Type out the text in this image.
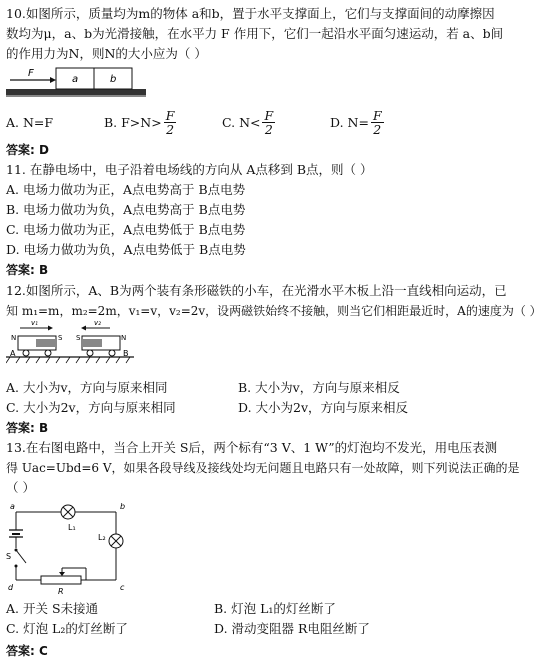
10.如图所示，质量均为m的物体 a和b，置于水平支撑面上，它们与支撑面间的动摩擦因
数均为μ，a、b为光滑接触，在水平力 F 作用下，它们一起沿水平面匀速运动，若 a、b间
的作用力为N，则N的大小应为（ ）
F
a	b
A. N=F	B. $F>N> \frac{F}{2}$	C. $N< \frac{F}{2}$	D. $N= \frac{F}{2}$
答案: D
11. 在静电场中，电子沿着电场线的方向从 A点移到 B点，则（ ）
A. 电场力做功为正，A点电势高于 B点电势
B. 电场力做功为负，A点电势高于 B点电势
C. 电场力做功为正，A点电势低于 B点电势
D. 电场力做功为负，A点电势低于 B点电势
答案: B
12.如图所示，A、B为两个装有条形磁铁的小车，在光滑水平木板上沿一直线相向运动，已
知 m₁=m，m₂=2m，v₁=v，v₂=2v，设两磁铁始终不接触，则当它们相距最近时，A的速度为（ ）
v₁	v₂
N	S
A
S	N
B
A. 大小为v，方向与原来相同	B. 大小为v，方向与原来相反
C. 大小为2v，方向与原来相同	D. 大小为2v，方向与原来相反
答案: B
13.在右图电路中，当合上开关 S后，两个标有“3 V、1 W”的灯泡均不发光，用电压表测
得 Uac=Ubd=6 V，如果各段导线及接线处均无问题且电路只有一处故障，则下列说法正确的是
（ ）
L₁
L₂
S
R
a	b
c
d
A. 开关 S未接通	B. 灯泡 L₁的灯丝断了
C. 灯泡 L₂的灯丝断了	D. 滑动变阻器 R电阻丝断了
答案: C
